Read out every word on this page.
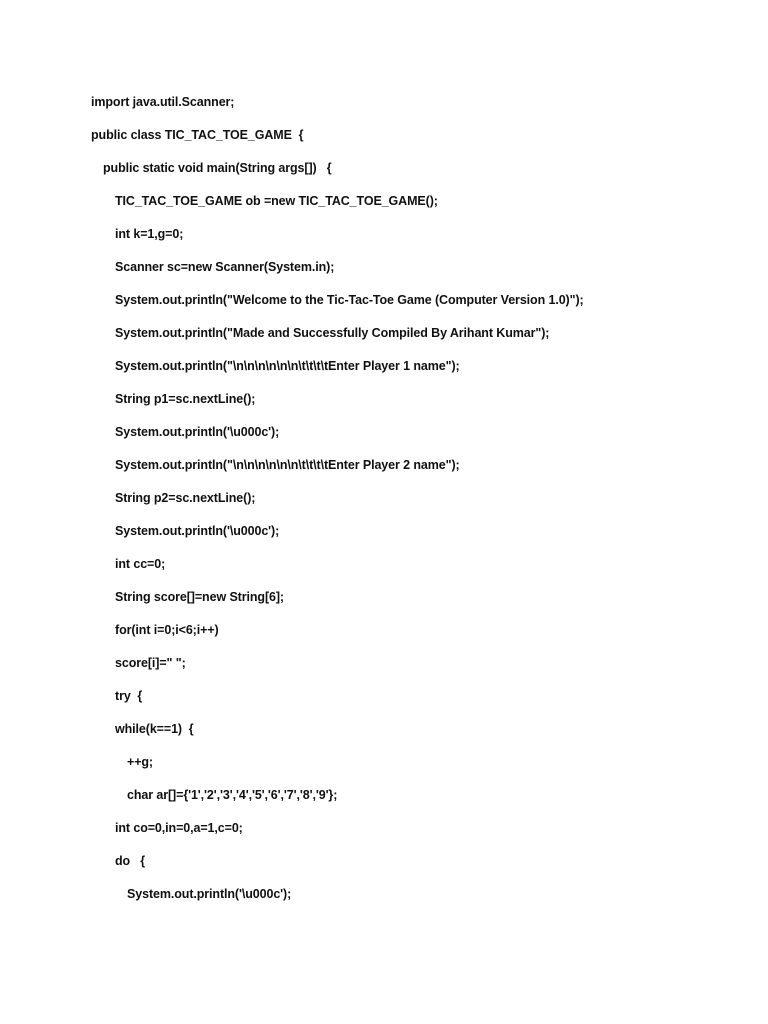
import java.util.Scanner;
public class TIC_TAC_TOE_GAME  {
public static void main(String args[])   {
TIC_TAC_TOE_GAME ob =new TIC_TAC_TOE_GAME();
int k=1,g=0;
Scanner sc=new Scanner(System.in);
System.out.println("Welcome to the Tic-Tac-Toe Game (Computer Version 1.0)");
System.out.println("Made and Successfully Compiled By Arihant Kumar");
System.out.println("\n\n\n\n\n\n\t\t\t\tEnter Player 1 name");
String p1=sc.nextLine();
System.out.println('\u000c');
System.out.println("\n\n\n\n\n\n\t\t\t\tEnter Player 2 name");
String p2=sc.nextLine();
System.out.println('\u000c');
int cc=0;
String score[]=new String[6];
for(int i=0;i<6;i++)
score[i]=" ";
try  {
while(k==1)  {
++g;
char ar[]={'1','2','3','4','5','6','7','8','9'};
int co=0,in=0,a=1,c=0;
do   {
System.out.println('\u000c');
